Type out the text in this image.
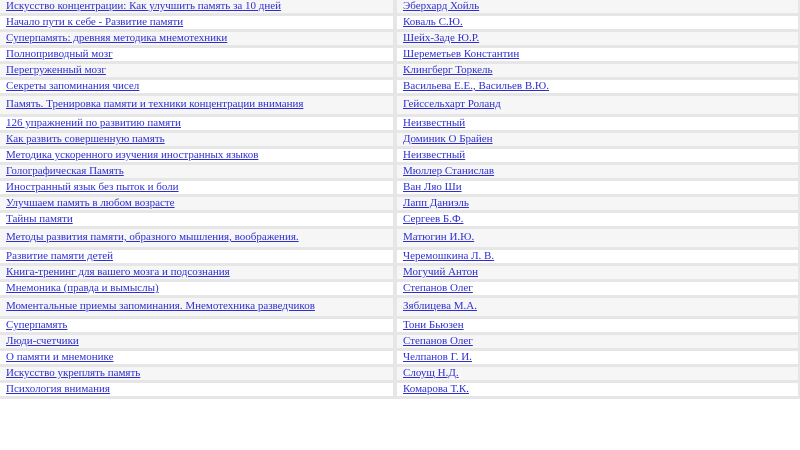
Искусство концентрации: Как улучшить память за 10 дней	Эберхард Хойль
Начало пути к себе - Развитие памяти	Коваль С.Ю.
Суперпамять: древняя методика мнемотехники	Шейх-Заде Ю.Р.
Полноприводный мозг	Шереметьев Константин
Перегруженный мозг	Клингберг Торкель
Секреты запоминания чисел	Васильева Е.Е., Васильев В.Ю.
Память. Тренировка памяти и техники концентрации внимания	Гейссельхарт Роланд
126 упражнений по развитию памяти	Неизвестный
Как развить совершенную память	Доминик О Брайен
Методика ускоренного изучения иностранных языков	Неизвестный
Голографическая Память	Мюллер Станислав
Иностранный язык без пыток и боли	Ван Ляо Ши
Улучшаем память в любом возрасте	Лапп Даниэль
Тайны памяти	Сергеев Б.Ф.
Методы развития памяти, образного мышления, воображения.	Матюгин И.Ю.
Развитие памяти детей	Черемошкина Л. В.
Книга-тренинг для вашего мозга и подсознания	Могучий Антон
Мнемоника (правда и вымыслы)	Степанов Олег
Моментальные приемы запоминания. Мнемотехника разведчиков	Зяблицева М.А.
Суперпамять	Тони Бьюзен
Люди-счетчики	Степанов Олег
О памяти и мнемонике	Челпанов Г. И.
Искусство укреплять память	Слоущ Н.Д.
Психология внимания	Комарова Т.К.
